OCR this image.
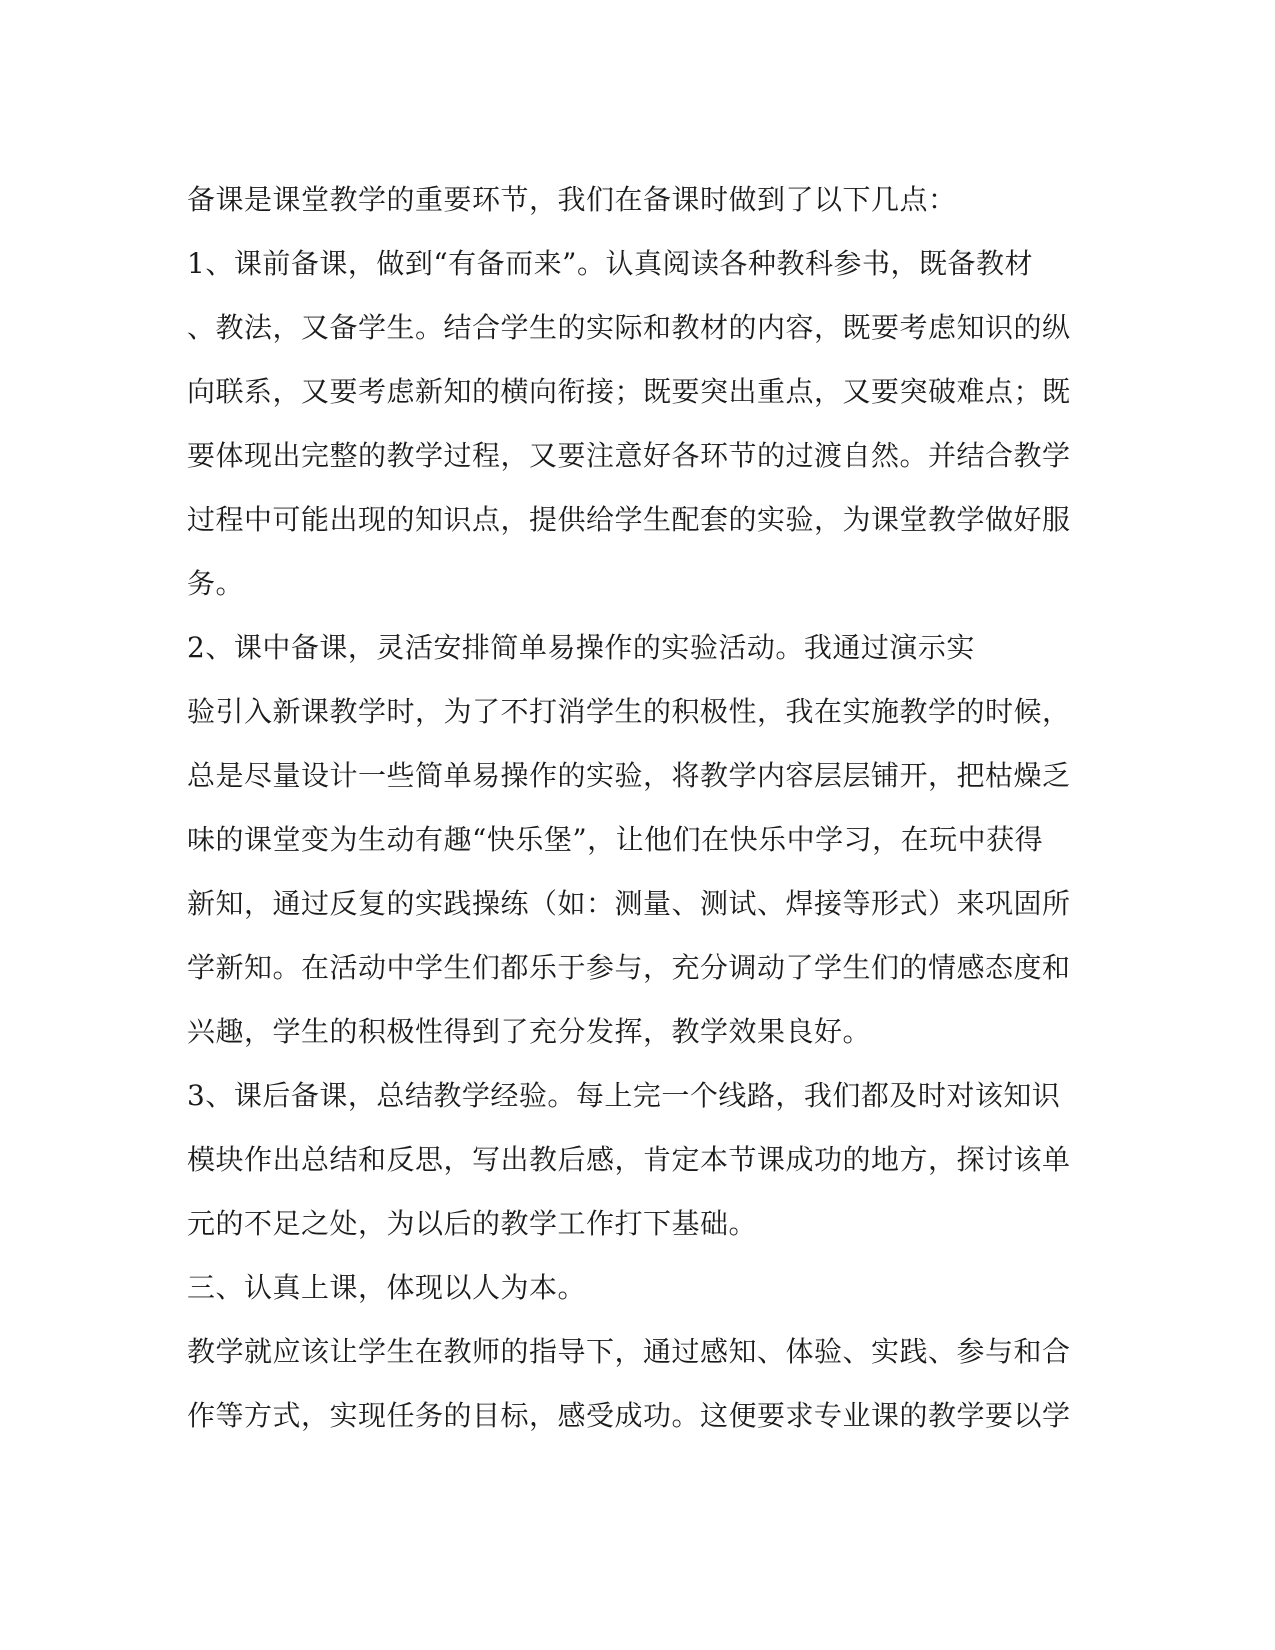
备课是课堂教学的重要环节，我们在备课时做到了以下几点：
1、课前备课，做到“有备而来”。认真阅读各种教科参书，既备教材
、教法，又备学生。结合学生的实际和教材的内容，既要考虑知识的纵
向联系，又要考虑新知的横向衔接；既要突出重点，又要突破难点；既
要体现出完整的教学过程，又要注意好各环节的过渡自然。并结合教学
过程中可能出现的知识点，提供给学生配套的实验，为课堂教学做好服
务。
2、课中备课，灵活安排简单易操作的实验活动。我通过演示实
验引入新课教学时，为了不打消学生的积极性，我在实施教学的时候，
总是尽量设计一些简单易操作的实验，将教学内容层层铺开，把枯燥乏
味的课堂变为生动有趣“快乐堡”，让他们在快乐中学习，在玩中获得
新知，通过反复的实践操练（如：测量、测试、焊接等形式）来巩固所
学新知。在活动中学生们都乐于参与，充分调动了学生们的情感态度和
兴趣，学生的积极性得到了充分发挥，教学效果良好。
3、课后备课，总结教学经验。每上完一个线路，我们都及时对该知识
模块作出总结和反思，写出教后感，肯定本节课成功的地方，探讨该单
元的不足之处，为以后的教学工作打下基础。
三、认真上课，体现以人为本。
教学就应该让学生在教师的指导下，通过感知、体验、实践、参与和合
作等方式，实现任务的目标，感受成功。这便要求专业课的教学要以学
